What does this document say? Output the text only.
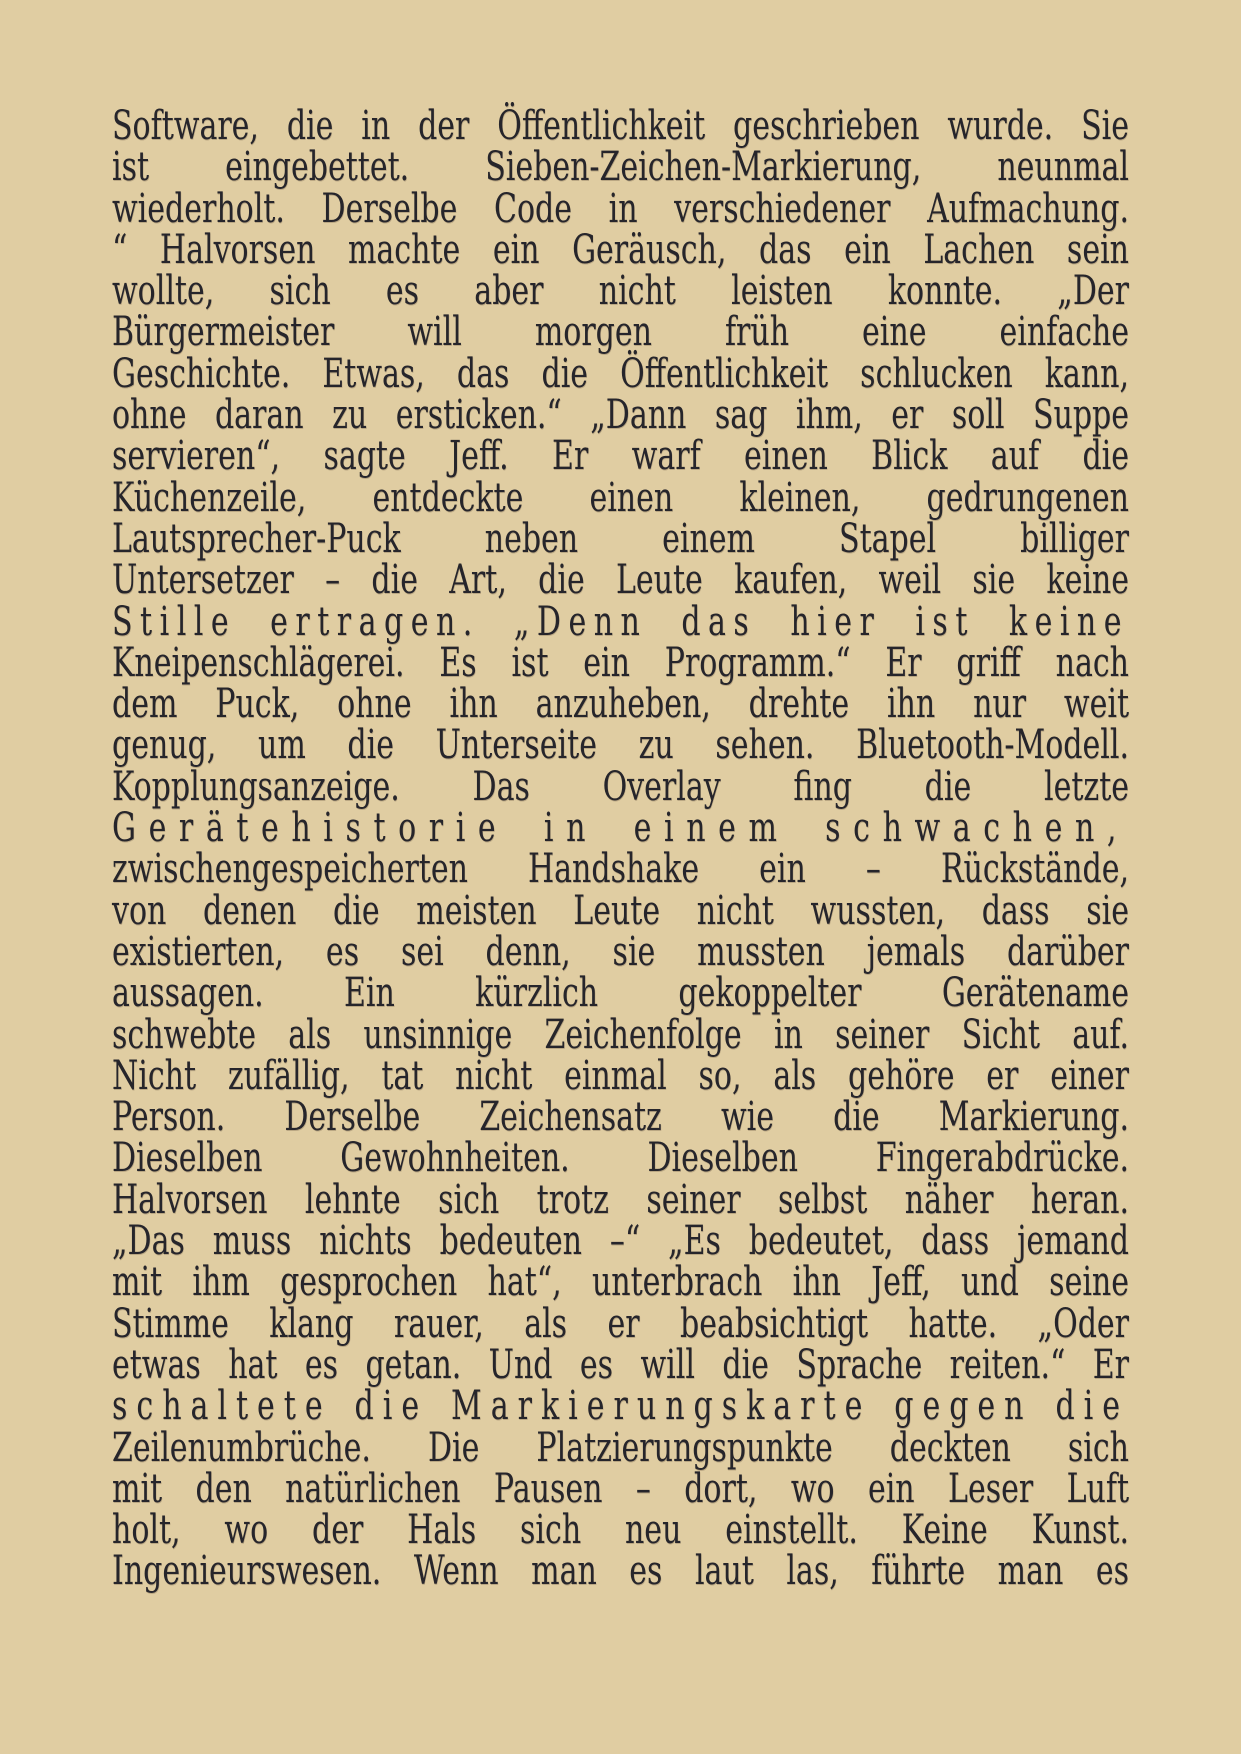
Software, die in der Öffentlichkeit geschrieben wurde. Sie
ist eingebettet. Sieben-Zeichen-Markierung, neunmal
wiederholt. Derselbe Code in verschiedener Aufmachung.
“ Halvorsen machte ein Geräusch, das ein Lachen sein
wollte, sich es aber nicht leisten konnte. „Der
Bürgermeister will morgen früh eine einfache
Geschichte. Etwas, das die Öffentlichkeit schlucken kann,
ohne daran zu ersticken.“ „Dann sag ihm, er soll Suppe
servieren“, sagte Jeff. Er warf einen Blick auf die
Küchenzeile, entdeckte einen kleinen, gedrungenen
Lautsprecher-Puck neben einem Stapel billiger
Untersetzer – die Art, die Leute kaufen, weil sie keine
Stille ertragen. „Denn das hier ist keine
Kneipenschlägerei. Es ist ein Programm.“ Er griff nach
dem Puck, ohne ihn anzuheben, drehte ihn nur weit
genug, um die Unterseite zu sehen. Bluetooth-Modell.
Kopplungsanzeige. Das Overlay fing die letzte
Gerätehistorie in einem schwachen,
zwischengespeicherten Handshake ein – Rückstände,
von denen die meisten Leute nicht wussten, dass sie
existierten, es sei denn, sie mussten jemals darüber
aussagen. Ein kürzlich gekoppelter Gerätename
schwebte als unsinnige Zeichenfolge in seiner Sicht auf.
Nicht zufällig, tat nicht einmal so, als gehöre er einer
Person. Derselbe Zeichensatz wie die Markierung.
Dieselben Gewohnheiten. Dieselben Fingerabdrücke.
Halvorsen lehnte sich trotz seiner selbst näher heran.
„Das muss nichts bedeuten –“ „Es bedeutet, dass jemand
mit ihm gesprochen hat“, unterbrach ihn Jeff, und seine
Stimme klang rauer, als er beabsichtigt hatte. „Oder
etwas hat es getan. Und es will die Sprache reiten.“ Er
schaltete die Markierungskarte gegen die
Zeilenumbrüche. Die Platzierungspunkte deckten sich
mit den natürlichen Pausen – dort, wo ein Leser Luft
holt, wo der Hals sich neu einstellt. Keine Kunst.
Ingenieurswesen. Wenn man es laut las, führte man es
